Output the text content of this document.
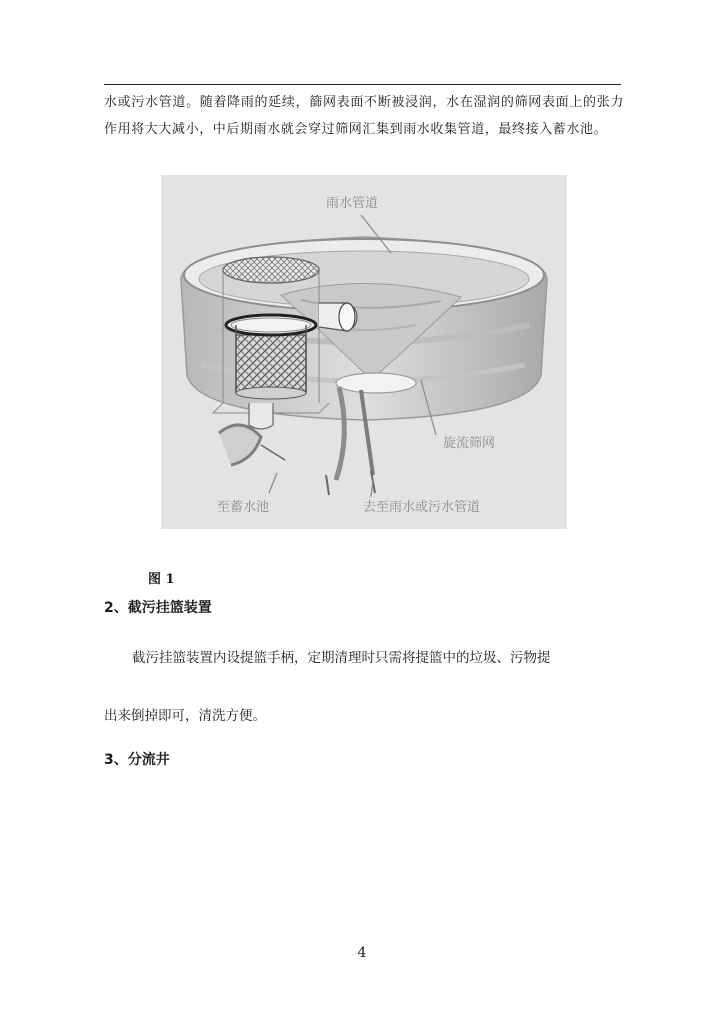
水或污水管道。随着降雨的延续，篩网表面不断被浸润，水在湿润的筛网表面上的张力作用将大大减小，中后期雨水就会穿过筛网汇集到雨水收集管道，最终接入蓄水池。

雨水管道
旋流筛网
至蓄水池	去至雨水或污水管道

图 1

2、截污挂篮装置

截污挂篮装置内设提篮手柄，定期清理时只需将提篮中的垃圾、污物提

出来倒掉即可，清洗方便。

3、分流井

4
